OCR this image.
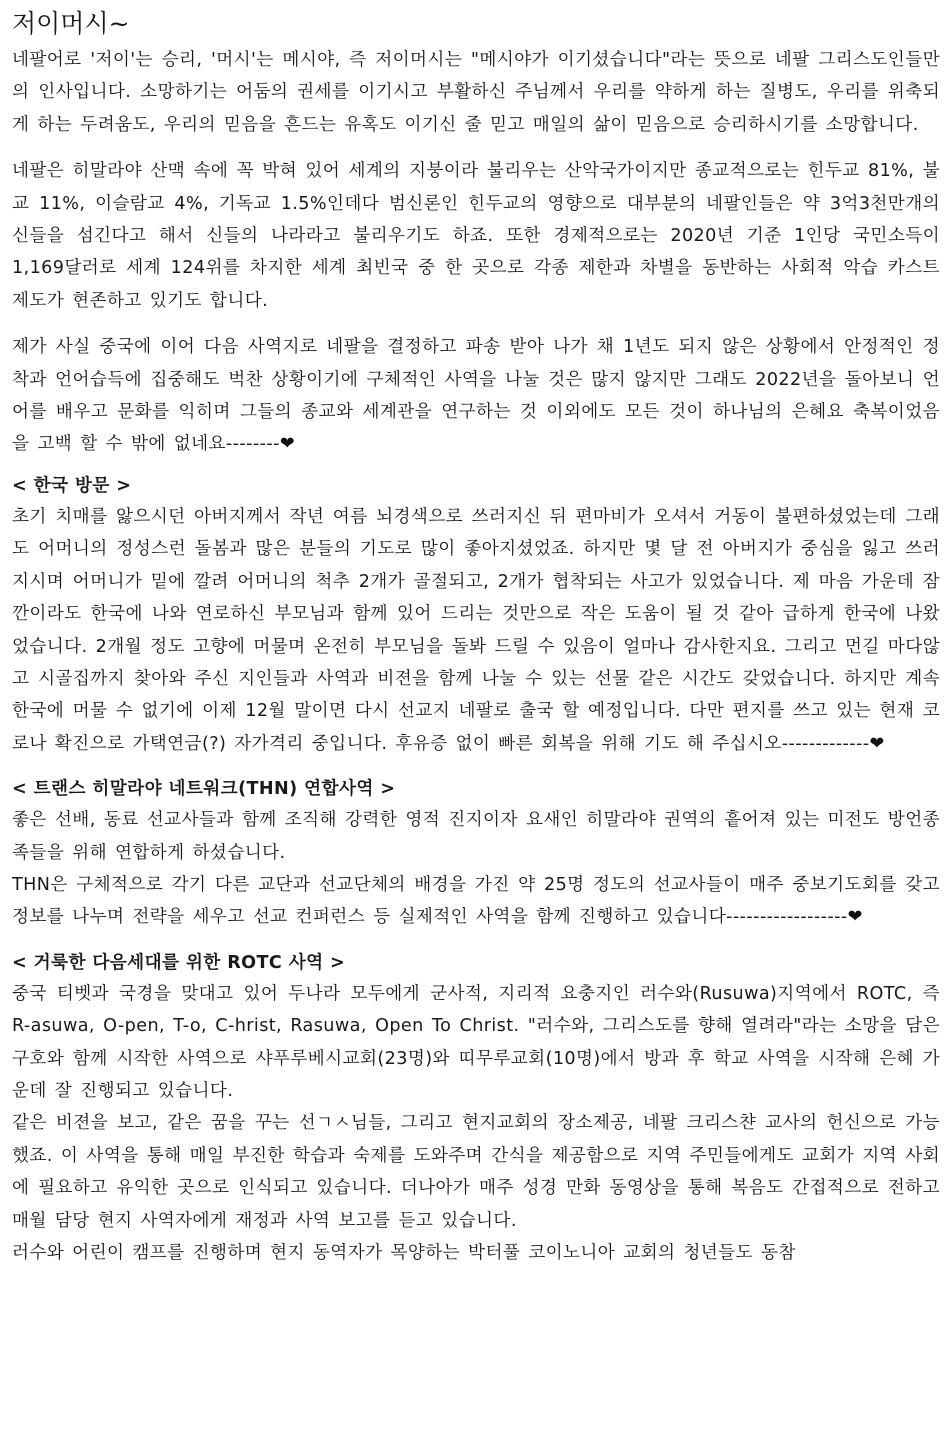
저이머시~

네팔어로 '저이'는 승리, '머시'는 메시야, 즉 저이머시는 "메시야가 이기셨습니다"라는 뜻으로 네팔 그리스도인들만의 인사입니다. 소망하기는 어둠의 권세를 이기시고 부활하신 주님께서 우리를 약하게 하는 질병도, 우리를 위축되게 하는 두려움도, 우리의 믿음을 흔드는 유혹도 이기신 줄 믿고 매일의 삶이 믿음으로 승리하시기를 소망합니다.

네팔은 히말라야 산맥 속에 꼭 박혀 있어 세계의 지붕이라 불리우는 산악국가이지만 종교적으로는 힌두교 81%, 불교 11%, 이슬람교 4%, 기독교 1.5%인데다 범신론인 힌두교의 영향으로 대부분의 네팔인들은 약 3억3천만개의 신들을 섬긴다고 해서 신들의 나라라고 불리우기도 하죠. 또한 경제적으로는 2020년 기준 1인당 국민소득이 1,169달러로 세계 124위를 차지한 세계 최빈국 중 한 곳으로 각종 제한과 차별을 동반하는 사회적 악습 카스트 제도가 현존하고 있기도 합니다.

제가 사실 중국에 이어 다음 사역지로 네팔을 결정하고 파송 받아 나가 채 1년도 되지 않은 상황에서 안정적인 정착과 언어습득에 집중해도 벅찬 상황이기에 구체적인 사역을 나눌 것은 많지 않지만 그래도 2022년을 돌아보니 언어를 배우고 문화를 익히며 그들의 종교와 세계관을 연구하는 것 이외에도 모든 것이 하나님의 은혜요 축복이었음을 고백 할 수 밖에 없네요--------❤

< 한국 방문 >

초기 치매를 앓으시던 아버지께서 작년 여름 뇌경색으로 쓰러지신 뒤 편마비가 오셔서 거동이 불편하셨었는데 그래도 어머니의 정성스런 돌봄과 많은 분들의 기도로 많이 좋아지셨었죠. 하지만 몇 달 전 아버지가 중심을 잃고 쓰러지시며 어머니가 밑에 깔려 어머니의 척추 2개가 골절되고, 2개가 협착되는 사고가 있었습니다. 제 마음 가운데 잠깐이라도 한국에 나와 연로하신 부모님과 함께 있어 드리는 것만으로 작은 도움이 될 것 같아 급하게 한국에 나왔었습니다. 2개월 정도 고향에 머물며 온전히 부모님을 돌봐 드릴 수 있음이 얼마나 감사한지요. 그리고 먼길 마다않고 시골집까지 찾아와 주신 지인들과 사역과 비젼을 함께 나눌 수 있는 선물 같은 시간도 갖었습니다. 하지만 계속 한국에 머물 수 없기에 이제 12월 말이면 다시 선교지 네팔로 출국 할 예정입니다. 다만 편지를 쓰고 있는 현재 코로나 확진으로 가택연금(?) 자가격리 중입니다. 후유증 없이 빠른 회복을 위해 기도 해 주십시오-------------❤

< 트랜스 히말라야 네트워크(THN) 연합사역 >

좋은 선배, 동료 선교사들과 함께 조직해 강력한 영적 진지이자 요새인 히말라야 권역의 흩어져 있는 미전도 방언종족들을 위해 연합하게 하셨습니다.

THN은 구체적으로 각기 다른 교단과 선교단체의 배경을 가진 약 25명 정도의 선교사들이 매주 중보기도회를 갖고 정보를 나누며 전략을 세우고 선교 컨퍼런스 등 실제적인 사역을 함께 진행하고 있습니다------------------❤

< 거룩한 다음세대를 위한 ROTC 사역 >

중국 티벳과 국경을 맞대고 있어 두나라 모두에게 군사적, 지리적 요충지인 러수와(Rusuwa)지역에서 ROTC, 즉 R-asuwa, O-pen, T-o, C-hrist, Rasuwa, Open To Christ. "러수와, 그리스도를 향해 열려라"라는 소망을 담은 구호와 함께 시작한 사역으로 샤푸루베시교회(23명)와 띠무루교회(10명)에서 방과 후 학교 사역을 시작해 은혜 가운데 잘 진행되고 있습니다.

같은 비젼을 보고, 같은 꿈을 꾸는 선ㄱㅅ님들, 그리고 현지교회의 장소제공, 네팔 크리스챤 교사의 헌신으로 가능했죠. 이 사역을 통해 매일 부진한 학습과 숙제를 도와주며 간식을 제공함으로 지역 주민들에게도 교회가 지역 사회에 필요하고 유익한 곳으로 인식되고 있습니다. 더나아가 매주 성경 만화 동영상을 통해 복음도 간접적으로 전하고 매월 담당 현지 사역자에게 재정과 사역 보고를 듣고 있습니다.

러수와 어린이 캠프를 진행하며 현지 동역자가 목양하는 박터풀 코이노니아 교회의 청년들도 동참
